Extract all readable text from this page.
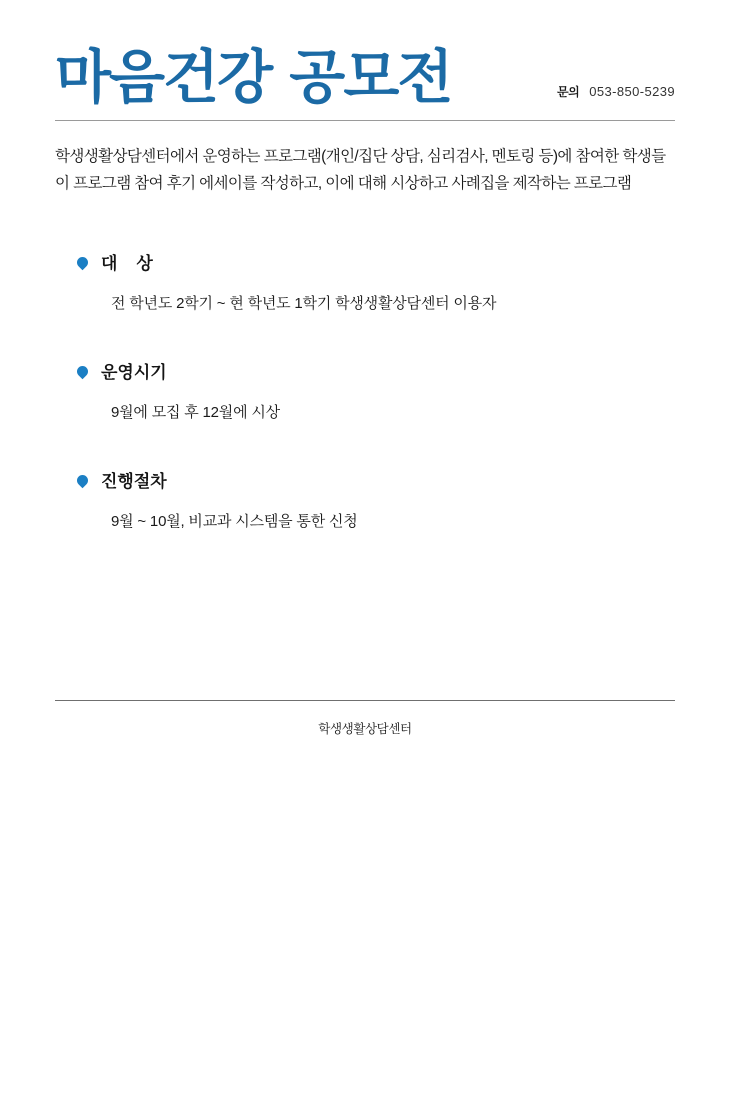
마음건강 공모전	문의 053-850-5239

학생생활상담센터에서 운영하는 프로그램(개인/집단 상담, 심리검사, 멘토링 등)에 참여한 학생들이 프로그램 참여 후기 에세이를 작성하고, 이에 대해 시상하고 사례집을 제작하는 프로그램

대    상
전 학년도 2학기 ~ 현 학년도 1학기 학생생활상담센터 이용자
운영시기
9월에 모집 후 12월에 시상
진행절차
9월 ~ 10월, 비교과 시스템을 통한 신청
학생생활상담센터
